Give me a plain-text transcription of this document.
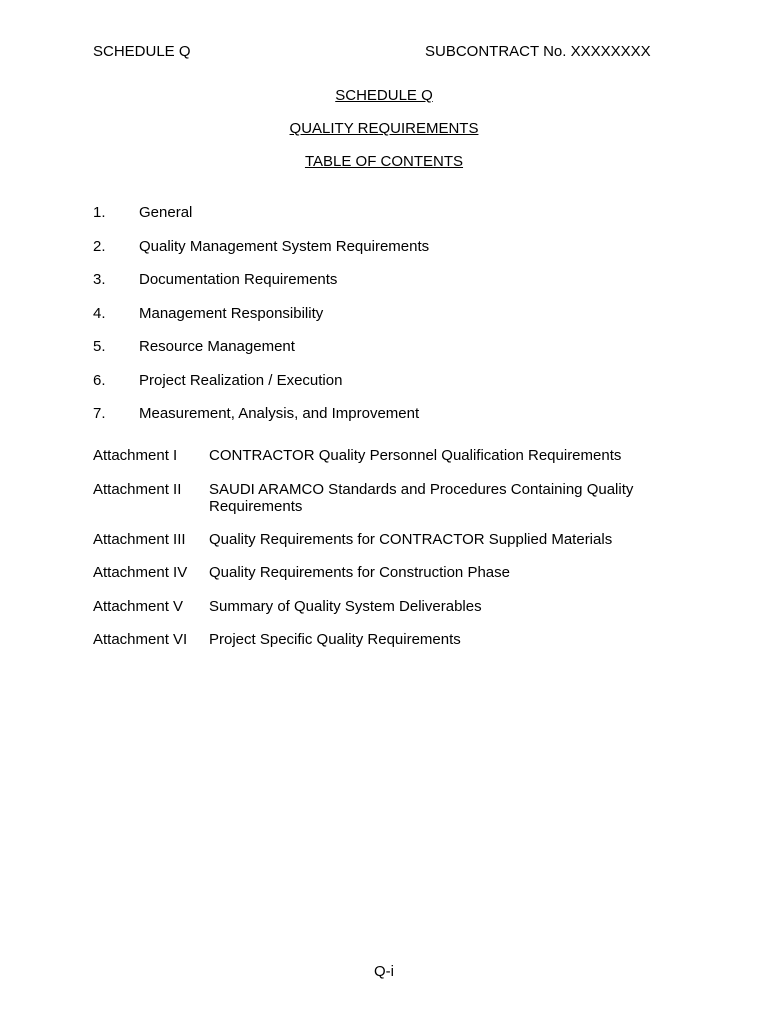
SCHEDULE Q	SUBCONTRACT No. XXXXXXXX
SCHEDULE Q
QUALITY REQUIREMENTS
TABLE OF CONTENTS
1. General
2. Quality Management System Requirements
3. Documentation Requirements
4. Management Responsibility
5. Resource Management
6. Project Realization / Execution
7. Measurement, Analysis, and Improvement
Attachment I CONTRACTOR Quality Personnel Qualification Requirements
Attachment II SAUDI ARAMCO Standards and Procedures Containing Quality Requirements
Attachment III Quality Requirements for CONTRACTOR Supplied Materials
Attachment IV Quality Requirements for Construction Phase
Attachment V Summary of Quality System Deliverables
Attachment VI Project Specific Quality Requirements
Q-i
